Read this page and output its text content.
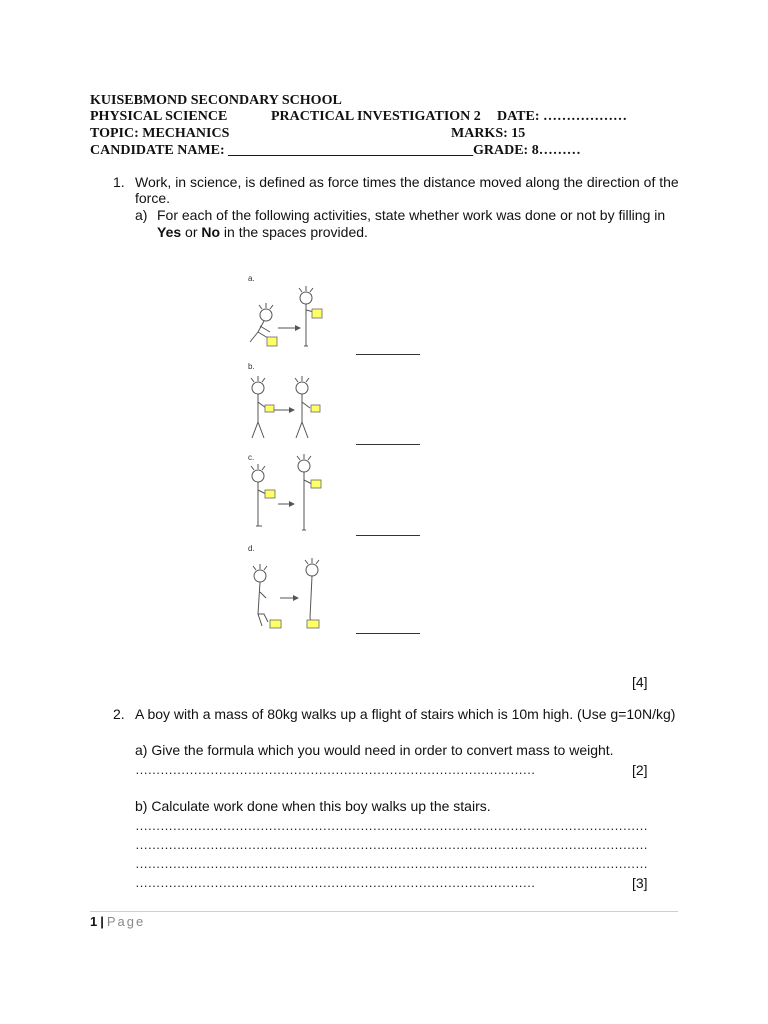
KUISEBMOND SECONDARY SCHOOL
PHYSICAL SCIENCE	PRACTICAL INVESTIGATION 2 DATE: ………………
TOPIC: MECHANICS	MARKS: 15
CANDIDATE NAME: ___________________________________ GRADE: 8………
1. Work, in science, is defined as force times the distance moved along the direction of the
force.
a) For each of the following activities, state whether work was done or not by filling in
Yes or No in the spaces provided.
a.
b.
c.
d.
[4]
2. A boy with a mass of 80kg walks up a flight of stairs which is 10m high. (Use g=10N/kg)
a) Give the formula which you would need in order to convert mass to weight.
……………………………………………………………………………………	[2]
b) Calculate work done when this boy walks up the stairs.
……………………………………………………………………………………………………………
……………………………………………………………………………………………………………
……………………………………………………………………………………………………………
……………………………………………………………………………………	[3]
1 | Page
